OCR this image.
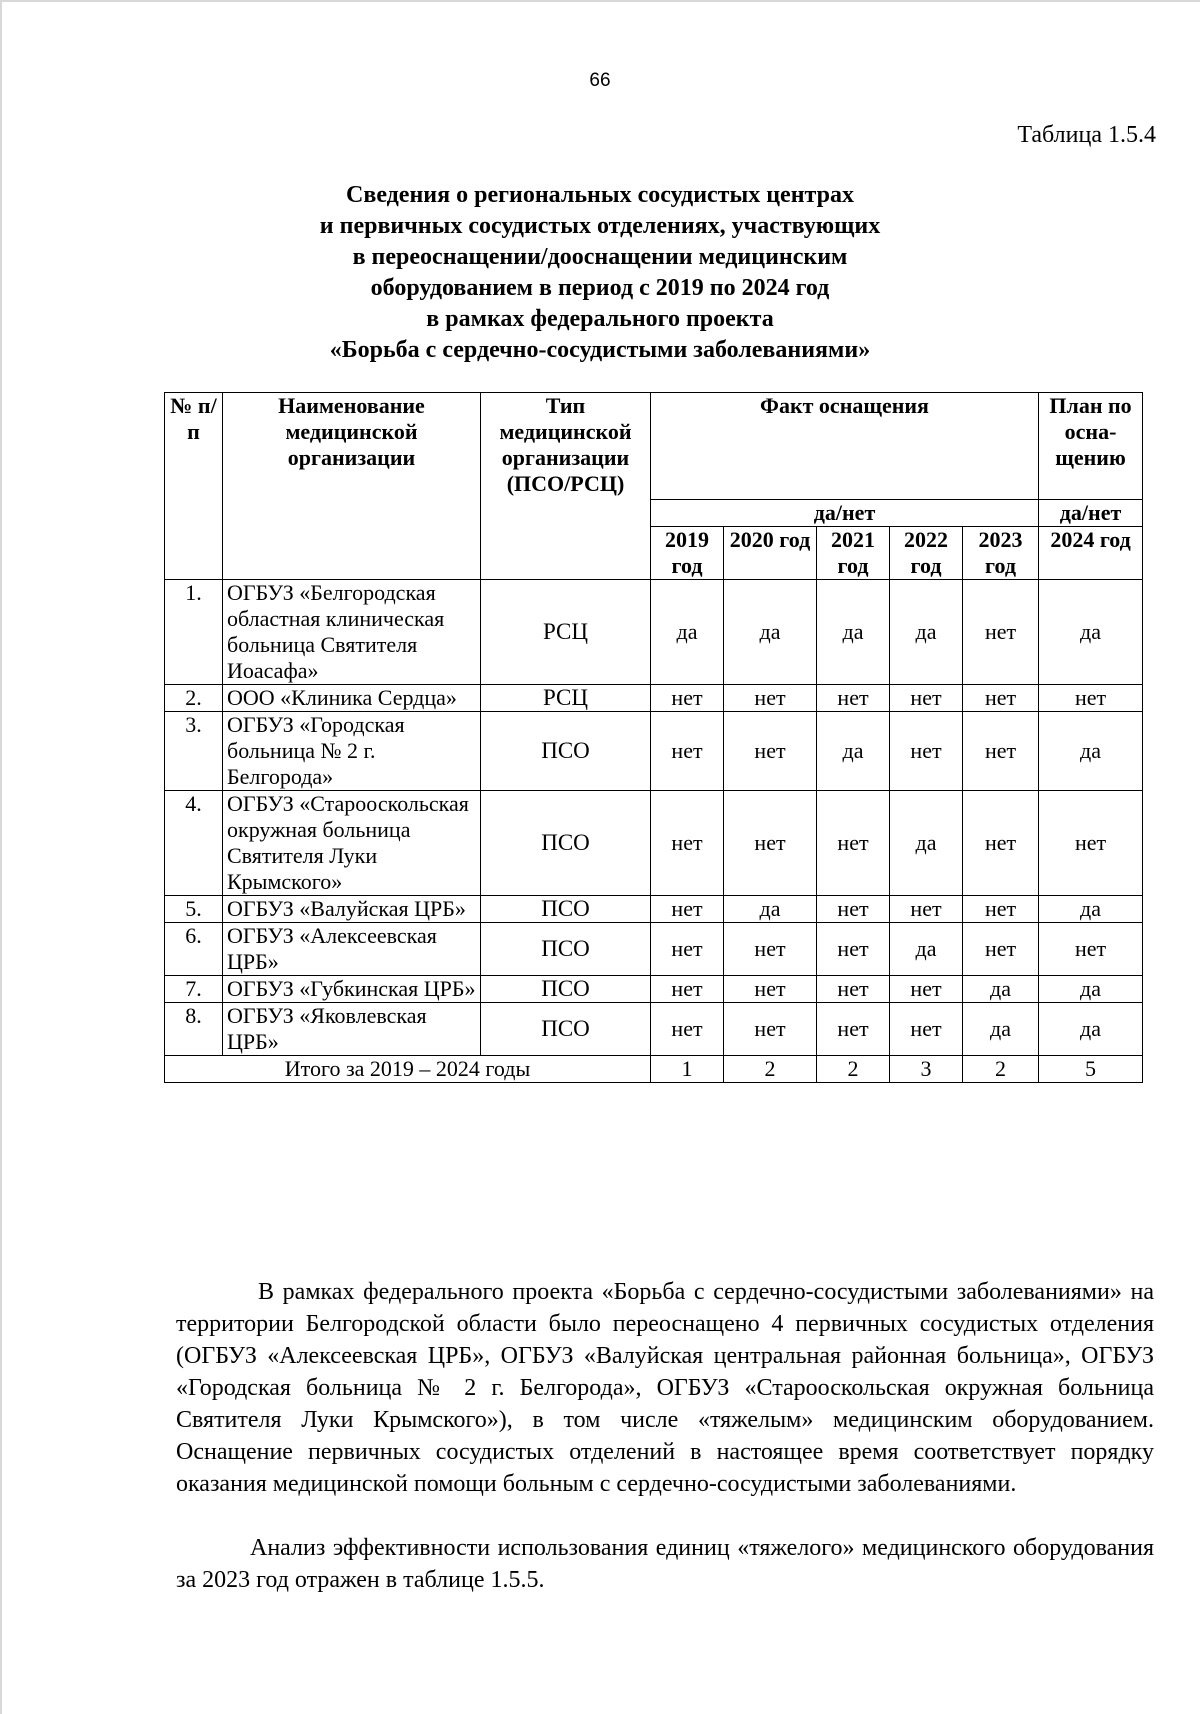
66
Таблица 1.5.4
Сведения о региональных сосудистых центрах
и первичных сосудистых отделениях, участвующих
в переоснащении/дооснащении медицинским
оборудованием в период с 2019 по 2024 год
в рамках федерального проекта
«Борьба с сердечно-сосудистыми заболеваниями»
№ п/п	Наименование медицинской организации	Тип медицинской организации (ПСО/РСЦ)	Факт оснащения					План по осна-щению
			да/нет					да/нет
			2019 год	2020 год	2021 год	2022 год	2023 год	2024 год
1.	ОГБУЗ «Белгородская областная клиническая больница Святителя Иоасафа»	РСЦ	да	да	да	да	нет	да
2.	ООО «Клиника Сердца»	РСЦ	нет	нет	нет	нет	нет	нет
3.	ОГБУЗ «Городская больница № 2 г. Белгорода»	ПСО	нет	нет	да	нет	нет	да
4.	ОГБУЗ «Старооскольская окружная больница Святителя Луки Крымского»	ПСО	нет	нет	нет	да	нет	нет
5.	ОГБУЗ «Валуйская ЦРБ»	ПСО	нет	да	нет	нет	нет	да
6.	ОГБУЗ «Алексеевская ЦРБ»	ПСО	нет	нет	нет	да	нет	нет
7.	ОГБУЗ «Губкинская ЦРБ»	ПСО	нет	нет	нет	нет	да	да
8.	ОГБУЗ «Яковлевская ЦРБ»	ПСО	нет	нет	нет	нет	да	да
Итого за 2019 – 2024 годы			1	2	2	3	2	5

В рамках федерального проекта «Борьба с сердечно-сосудистыми заболеваниями» на территории Белгородской области было переоснащено 4 первичных сосудистых отделения (ОГБУЗ «Алексеевская ЦРБ», ОГБУЗ «Валуйская центральная районная больница», ОГБУЗ «Городская больница № 2 г. Белгорода», ОГБУЗ «Старооскольская окружная больница Святителя Луки Крымского»), в том числе «тяжелым» медицинским оборудованием. Оснащение первичных сосудистых отделений в настоящее время соответствует порядку оказания медицинской помощи больным с сердечно-сосудистыми заболеваниями.

Анализ эффективности использования единиц «тяжелого» медицинского оборудования за 2023 год отражен в таблице 1.5.5.
